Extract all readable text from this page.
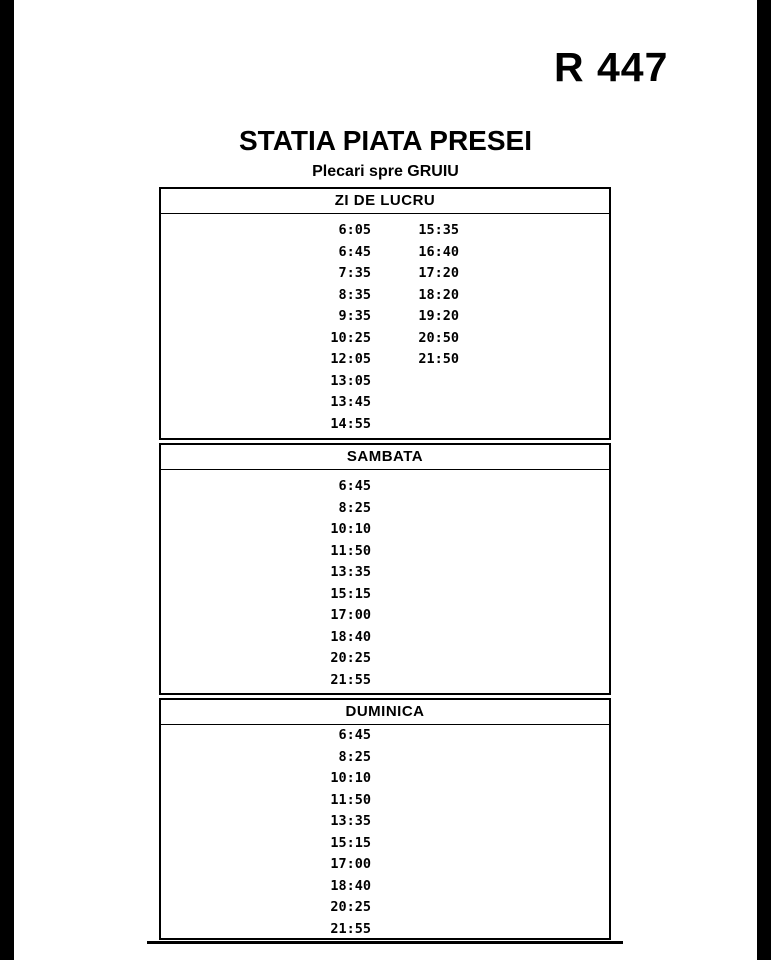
R 447
STATIA PIATA PRESEI
Plecari spre GRUIU
ZI DE LUCRU
6:05
6:45
7:35
8:35
9:35
10:25
12:05
13:05
13:45
14:55
15:35
16:40
17:20
18:20
19:20
20:50
21:50
SAMBATA
6:45
8:25
10:10
11:50
13:35
15:15
17:00
18:40
20:25
21:55
DUMINICA
6:45
8:25
10:10
11:50
13:35
15:15
17:00
18:40
20:25
21:55
